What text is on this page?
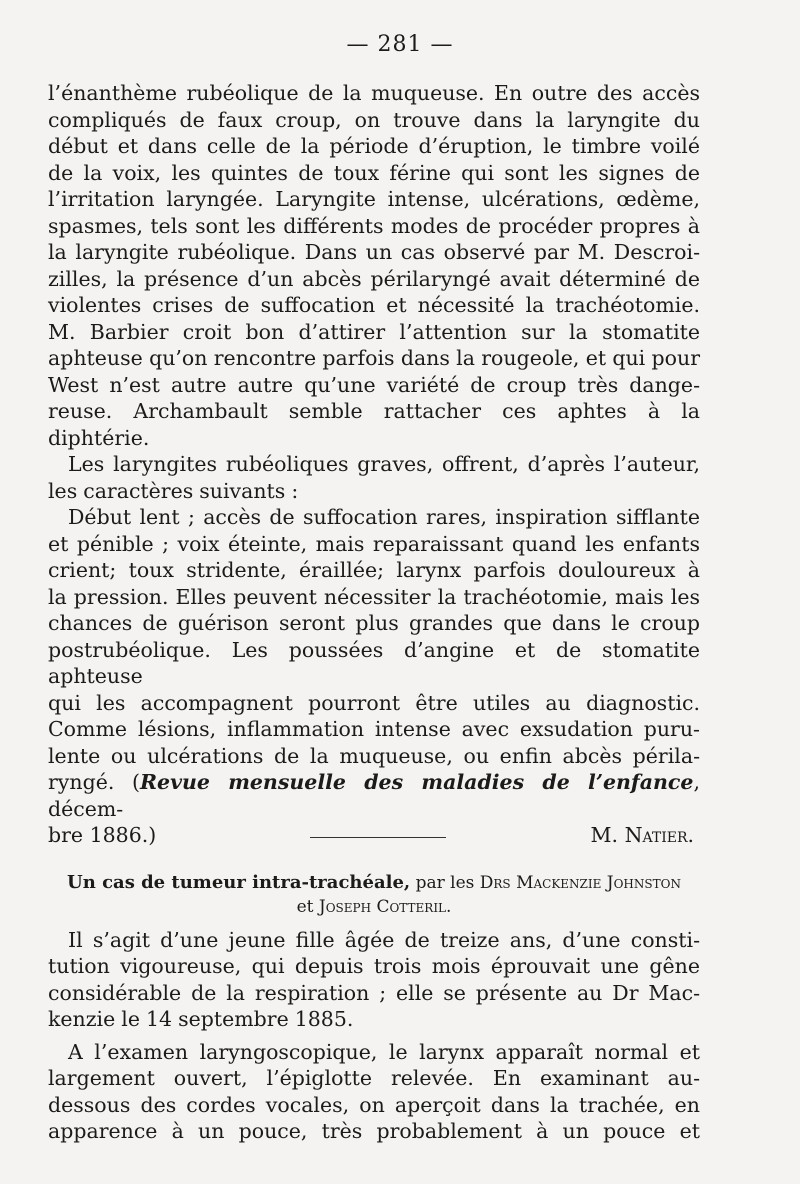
— 281 —

l’énanthème rubéolique de la muqueuse. En outre des accès

compliqués de faux croup, on trouve dans la laryngite du

début et dans celle de la période d’éruption, le timbre voilé

de la voix, les quintes de toux férine qui sont les signes de

l’irritation laryngée. Laryngite intense, ulcérations, œdème,

spasmes, tels sont les différents modes de procéder propres à

la laryngite rubéolique. Dans un cas observé par M. Descroi-

zilles, la présence d’un abcès périlaryngé avait déterminé de

violentes crises de suffocation et nécessité la trachéotomie.

M. Barbier croit bon d’attirer l’attention sur la stomatite

aphteuse qu’on rencontre parfois dans la rougeole, et qui pour

West n’est autre autre qu’une variété de croup très dange-

reuse. Archambault semble rattacher ces aphtes à la diphtérie.

Les laryngites rubéoliques graves, offrent, d’après l’auteur,

les caractères suivants :

Début lent ; accès de suffocation rares, inspiration sifflante

et pénible ; voix éteinte, mais reparaissant quand les enfants

crient; toux stridente, éraillée; larynx parfois douloureux à

la pression. Elles peuvent nécessiter la trachéotomie, mais les

chances de guérison seront plus grandes que dans le croup

postrubéolique. Les poussées d’angine et de stomatite aphteuse

qui les accompagnent pourront être utiles au diagnostic.

Comme lésions, inflammation intense avec exsudation puru-

lente ou ulcérations de la muqueuse, ou enfin abcès périla-

ryngé. (Revue mensuelle des maladies de l’enfance, décem-

bre 1886.)	M. Natier.
Un cas de tumeur intra-trachéale, par les Drs Mackenzie Johnston
et Joseph Cotteril.

Il s’agit d’une jeune fille âgée de treize ans, d’une consti-

tution vigoureuse, qui depuis trois mois éprouvait une gêne

considérable de la respiration ; elle se présente au Dr Mac-

kenzie le 14 septembre 1885.

A l’examen laryngoscopique, le larynx apparaît normal et

largement ouvert, l’épiglotte relevée. En examinant au-

dessous des cordes vocales, on aperçoit dans la trachée, en

apparence à un pouce, très probablement à un pouce et
